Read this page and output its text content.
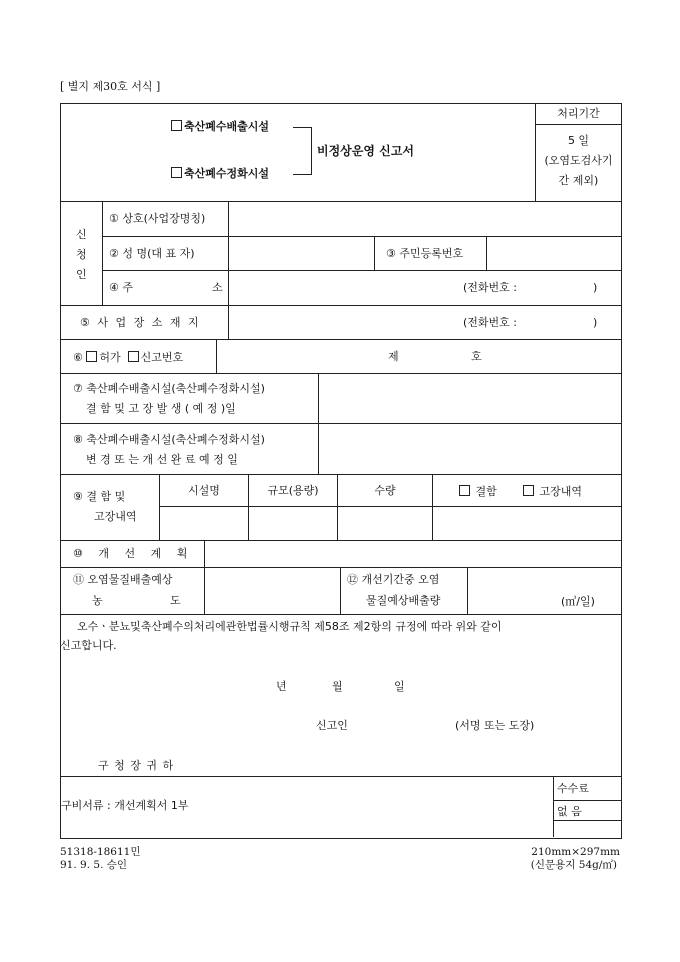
[ 별지 제30호 서식 ]
축산폐수배출시설
축산폐수정화시설
비정상운영 신고서
처리기간
5 일
(오염도검사기
간 제외)
신
청
인
① 상호(사업장명칭)
② 성 명(대 표 자)	③ 주민등록번호
④ 주	소	(전화번호 :	)
⑤ 사 업 장 소 재 지	(전화번호 :	)
⑥ 허가 신고번호	제	호
⑦ 축산폐수배출시설(축산폐수정화시설)
결 함 및 고 장 발 생 ( 예 정 )일
⑧ 축산폐수배출시설(축산폐수정화시설)
변 경 또 는 개 선 완 료 예 정 일
⑨ 결 함 및
고장내역
시설명	규모(용량)	수량	결함	고장내역
⑩ 개 선 계 획
⑪ 오염물질배출예상
농	도
⑫ 개선기간중 오염
물질예상배출량	(㎥/일)
오수ㆍ분뇨및축산폐수의처리에관한법률시행규칙 제58조 제2항의 규정에 따라 위와 같이
신고합니다.
년	월	일
신고인	(서명 또는 도장)
구 청 장 귀 하
구비서류 : 개선계획서 1부
수수료
없 음
51318-18611민
91. 9. 5. 승인
210mm×297mm
(신문용지 54g/㎡)
